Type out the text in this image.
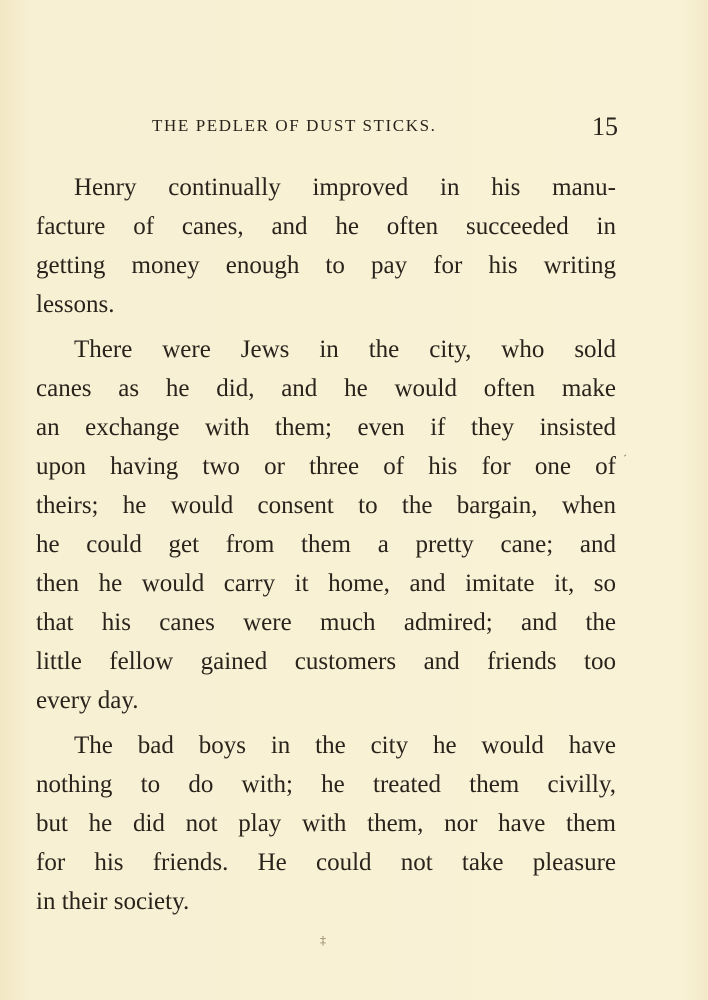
THE PEDLER OF DUST STICKS.	15
Henry continually improved in his manu-
facture of canes, and he often succeeded in
getting money enough to pay for his writing
lessons.
There were Jews in the city, who sold
canes as he did, and he would often make
an exchange with them; even if they insisted
upon having two or three of his for one of
theirs; he would consent to the bargain, when
he could get from them a pretty cane; and
then he would carry it home, and imitate it, so
that his canes were much admired; and the
little fellow gained customers and friends too
every day.
The bad boys in the city he would have
nothing to do with; he treated them civilly,
but he did not play with them, nor have them
for his friends. He could not take pleasure
in their society.
ˊ
‡
